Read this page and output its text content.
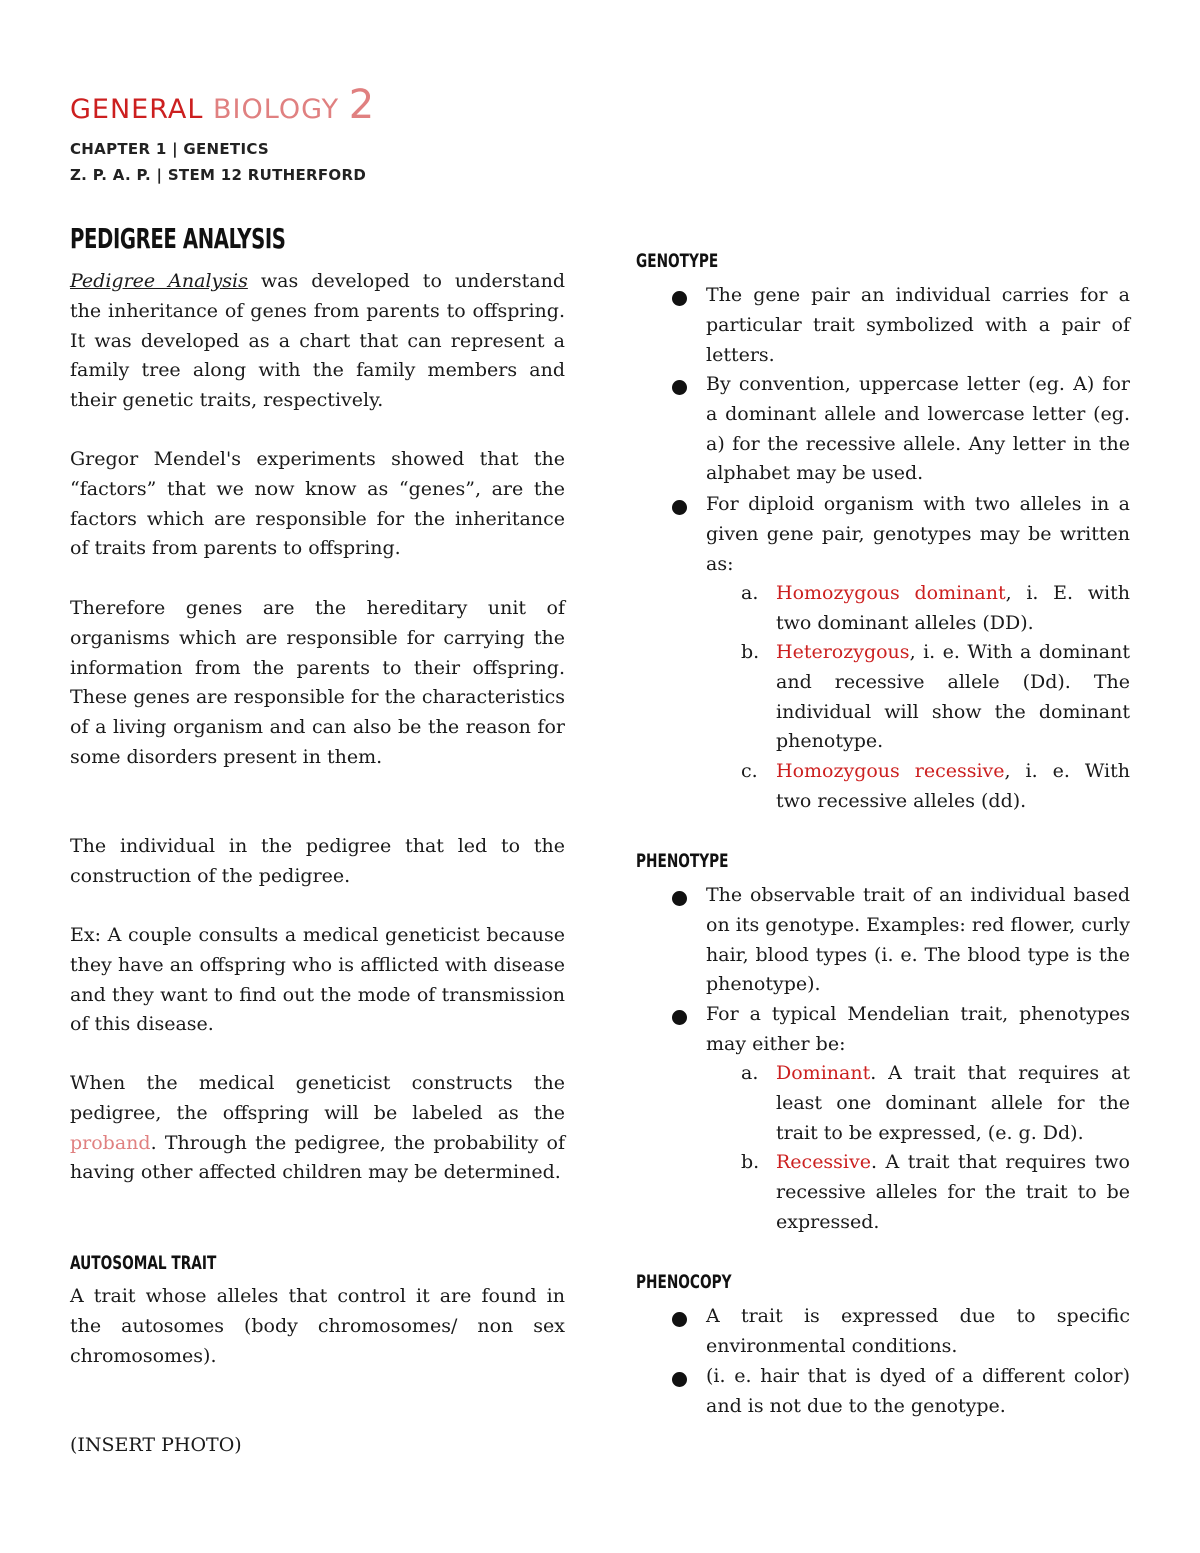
GENERAL BIOLOGY 2
CHAPTER 1 | GENETICS
Z. P. A. P. | STEM 12 RUTHERFORD
PEDIGREE ANALYSIS
Pedigree Analysis was developed to understand the inheritance of genes from parents to offspring. It was developed as a chart that can represent a family tree along with the family members and their genetic traits, respectively.
Gregor Mendel's experiments showed that the “factors” that we now know as “genes”, are the factors which are responsible for the inheritance of traits from parents to offspring.
Therefore genes are the hereditary unit of organisms which are responsible for carrying the information from the parents to their offspring. These genes are responsible for the characteristics of a living organism and can also be the reason for some disorders present in them.
The individual in the pedigree that led to the construction of the pedigree.
Ex: A couple consults a medical geneticist because they have an offspring who is afflicted with disease and they want to find out the mode of transmission of this disease.
When the medical geneticist constructs the pedigree, the offspring will be labeled as the proband. Through the pedigree, the probability of having other affected children may be determined.
AUTOSOMAL TRAIT
A trait whose alleles that control it are found in the autosomes (body chromosomes/ non sex chromosomes).
(INSERT PHOTO)
GENOTYPE
The gene pair an individual carries for a particular trait symbolized with a pair of letters.
By convention, uppercase letter (eg. A) for a dominant allele and lowercase letter (eg. a) for the recessive allele. Any letter in the alphabet may be used.
For diploid organism with two alleles in a given gene pair, genotypes may be written as:
a. Homozygous dominant, i. E. with two dominant alleles (DD).
b. Heterozygous, i. e. With a dominant and recessive allele (Dd). The individual will show the dominant phenotype.
c. Homozygous recessive, i. e. With two recessive alleles (dd).
PHENOTYPE
The observable trait of an individual based on its genotype. Examples: red flower, curly hair, blood types (i. e. The blood type is the phenotype).
For a typical Mendelian trait, phenotypes may either be:
a. Dominant. A trait that requires at least one dominant allele for the trait to be expressed, (e. g. Dd).
b. Recessive. A trait that requires two recessive alleles for the trait to be expressed.
PHENOCOPY
A trait is expressed due to specific environmental conditions.
(i. e. hair that is dyed of a different color) and is not due to the genotype.
